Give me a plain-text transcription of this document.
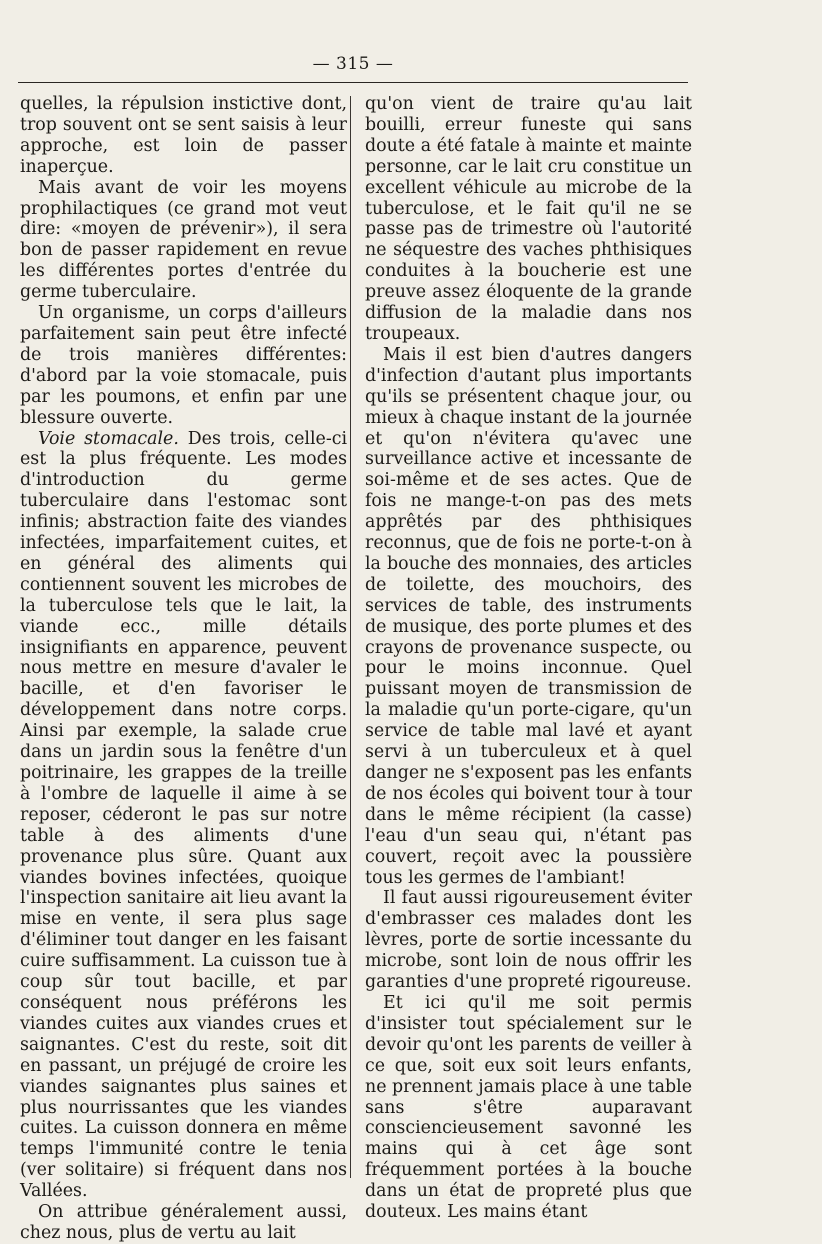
— 315 —

quelles, la répulsion instictive dont, trop souvent ont se sent saisis à leur approche, est loin de passer inaperçue.

Mais avant de voir les moyens prophilactiques (ce grand mot veut dire: «moyen de prévenir»), il sera bon de passer rapidement en revue les différentes portes d'entrée du germe tuberculaire.

Un organisme, un corps d'ailleurs parfaitement sain peut être infecté de trois manières différentes: d'abord par la voie stomacale, puis par les poumons, et enfin par une blessure ouverte.

Voie stomacale. Des trois, celle-ci est la plus fréquente. Les modes d'introduction du germe tuberculaire dans l'estomac sont infinis; abstraction faite des viandes infectées, imparfaitement cuites, et en général des aliments qui contiennent souvent les microbes de la tuberculose tels que le lait, la viande ecc., mille détails insignifiants en apparence, peuvent nous mettre en mesure d'avaler le bacille, et d'en favoriser le développement dans notre corps. Ainsi par exemple, la salade crue dans un jardin sous la fenêtre d'un poitrinaire, les grappes de la treille à l'ombre de laquelle il aime à se reposer, céderont le pas sur notre table à des aliments d'une provenance plus sûre. Quant aux viandes bovines infectées, quoique l'inspection sanitaire ait lieu avant la mise en vente, il sera plus sage d'éliminer tout danger en les faisant cuire suffisamment. La cuisson tue à coup sûr tout bacille, et par conséquent nous préférons les viandes cuites aux viandes crues et saignantes. C'est du reste, soit dit en passant, un préjugé de croire les viandes saignantes plus saines et plus nourrissantes que les viandes cuites. La cuisson donnera en même temps l'immunité contre le tenia (ver solitaire) si fréquent dans nos Vallées.

On attribue généralement aussi, chez nous, plus de vertu au lait

qu'on vient de traire qu'au lait bouilli, erreur funeste qui sans doute a été fatale à mainte et mainte personne, car le lait cru constitue un excellent véhicule au microbe de la tuberculose, et le fait qu'il ne se passe pas de trimestre où l'autorité ne séquestre des vaches phthisiques conduites à la boucherie est une preuve assez éloquente de la grande diffusion de la maladie dans nos troupeaux.

Mais il est bien d'autres dangers d'infection d'autant plus importants qu'ils se présentent chaque jour, ou mieux à chaque instant de la journée et qu'on n'évitera qu'avec une surveillance active et incessante de soi-même et de ses actes. Que de fois ne mange-t-on pas des mets apprêtés par des phthisiques reconnus, que de fois ne porte-t-on à la bouche des monnaies, des articles de toilette, des mouchoirs, des services de table, des instruments de musique, des porte plumes et des crayons de provenance suspecte, ou pour le moins inconnue. Quel puissant moyen de transmission de la maladie qu'un porte-cigare, qu'un service de table mal lavé et ayant servi à un tuberculeux et à quel danger ne s'exposent pas les enfants de nos écoles qui boivent tour à tour dans le même récipient (la casse) l'eau d'un seau qui, n'étant pas couvert, reçoit avec la poussière tous les germes de l'ambiant!

Il faut aussi rigoureusement éviter d'embrasser ces malades dont les lèvres, porte de sortie incessante du microbe, sont loin de nous offrir les garanties d'une propreté rigoureuse.

Et ici qu'il me soit permis d'insister tout spécialement sur le devoir qu'ont les parents de veiller à ce que, soit eux soit leurs enfants, ne prennent jamais place à une table sans s'être auparavant consciencieusement savonné les mains qui à cet âge sont fréquemment portées à la bouche dans un état de propreté plus que douteux. Les mains étant
